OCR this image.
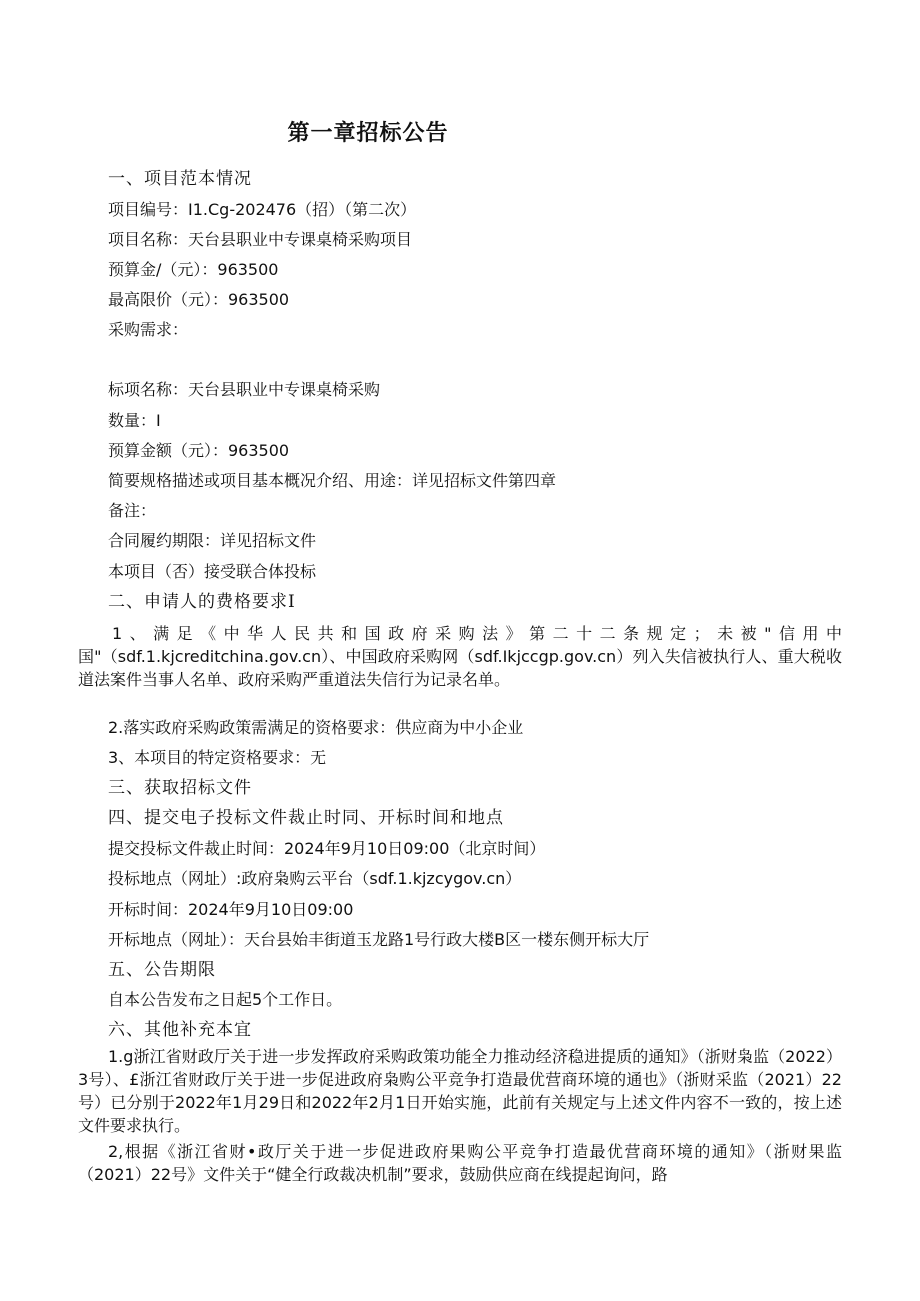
第一章招标公告
一、项目范本情况
项目编号：I1.Cg-202476（招）（第二次）
项目名称：天台县职业中专课桌椅采购项目
预算金/（元）：963500
最高限价（元）：963500
采购需求：
标项名称：天台县职业中专课桌椅采购
数量：I
预算金额（元）：963500
简要规格描述或项目基本概况介绍、用途：详见招标文件第四章
备注：
合同履约期限：详见招标文件
本项目（否）接受联合体投标
二、申请人的费格要求I
1、满足《中华人民共和国政府采购法》第二十二条规定；未被"信用中国"（sdf.1.kjcreditchina.gov.cn）、中国政府采购网（sdf.Ikjccgp.gov.cn）列入失信被执行人、重大税收道法案件当事人名单、政府采购严重道法失信行为记录名单。
2.落实政府采购政策需满足的资格要求：供应商为中小企业
3、本项目的特定资格要求：无
三、获取招标文件
四、提交电子投标文件裁止时同、开标时间和地点
提交投标文件裁止时间：2024年9月10日09:00（北京时间）
投标地点（网址）:政府枭购云平台（sdf.1.kjzcygov.cn）
开标时间：2024年9月10日09:00
开标地点（网址）：天台县始丰街道玉龙路1号行政大楼B区一楼东侧开标大厅
五、公告期限
自本公告发布之日起5个工作日。
六、其他补充本宜
1.g浙江省财政厅关于进一步发挥政府采购政策功能全力推动经济稳进提质的通知》（浙财枭监（2022）3号）、£浙江省财政厅关于进一步促进政府枭购公平竞争打造最优营商环境的通也》（浙财采监（2021）22号）已分别于2022年1月29日和2022年2月1日开始实施，此前有关规定与上述文件内容不一致的，按上述文件要求执行。
2,根据《浙江省财•政厅关于进一步促进政府果购公平竞争打造最优营商环境的通知》（浙财果监（2021）22号》文件关于“健全行政裁决机制”要求，鼓励供应商在线提起询问，路
